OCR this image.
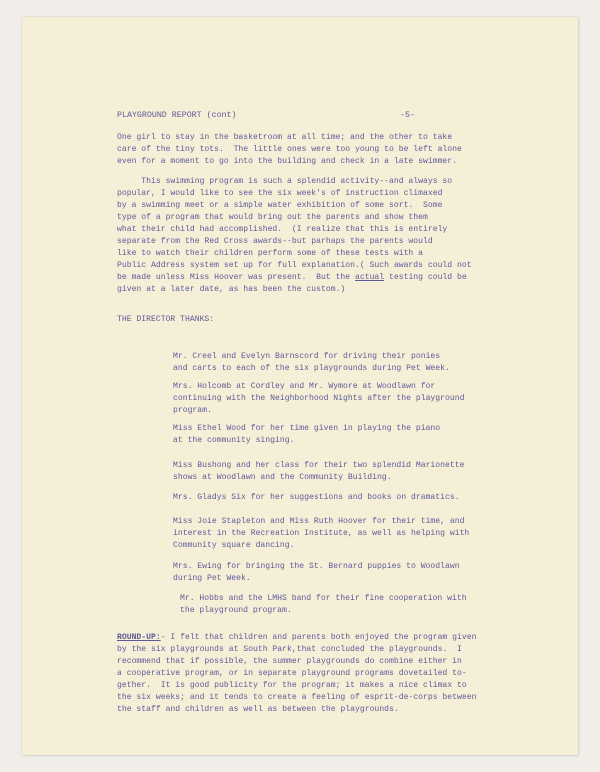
PLAYGROUND REPORT (cont)	-5-
One girl to stay in the basketroom at all time; and the other to take
care of the tiny tots.  The little ones were too young to be left alone
even for a moment to go into the building and check in a late swimmer.
This swimming program is such a splendid activity--and always so
popular, I would like to see the six week's of instruction climaxed
by a swimming meet or a simple water exhibition of some sort.  Some
type of a program that would bring out the parents and show them
what their child had accomplished.  (I realize that this is entirely
separate from the Red Cross awards--but parhaps the parents would
like to watch their children perform some of these tests with a
Public Address system set up for full explanation.( Such awards could not
be made unless Miss Hoover was present.  But the actual testing could be
given at a later date, as has been the custom.)
THE DIRECTOR THANKS:
Mr. Creel and Evelyn Barnscord for driving their ponies
and carts to each of the six playgrounds during Pet Week.
Mrs. Holcomb at Cordley and Mr. Wymore at Woodlawn for
continuing with the Neighborhood Nights after the playground
program.
Miss Ethel Wood for her time given in playing the piano
at the community singing.
Miss Bushong and her class for their two splendid Marionette
shows at Woodlawn and the Community Building.
Mrs. Gladys Six for her suggestions and books on dramatics.
Miss Joie Stapleton and Miss Ruth Hoover for their time, and
interest in the Recreation Institute, as well as helping with
Community square dancing.
Mrs. Ewing for bringing the St. Bernard puppies to Woodlawn
during Pet Week.
Mr. Hobbs and the LMHS band for their fine cooperation with
the playground program.
ROUND-UP:- I felt that children and parents both enjoyed the program given
by the six playgrounds at South Park,that concluded the playgrounds.  I
recommend that if possible, the summer playgrounds do combine either in
a cooperative program, or in separate playground programs dovetailed to-
gether.  It is good publicity for the program; it makes a nice climax to
the six weeks; and it tends to create a feeling of esprit-de-corps between
the staff and children as well as between the playgrounds.
